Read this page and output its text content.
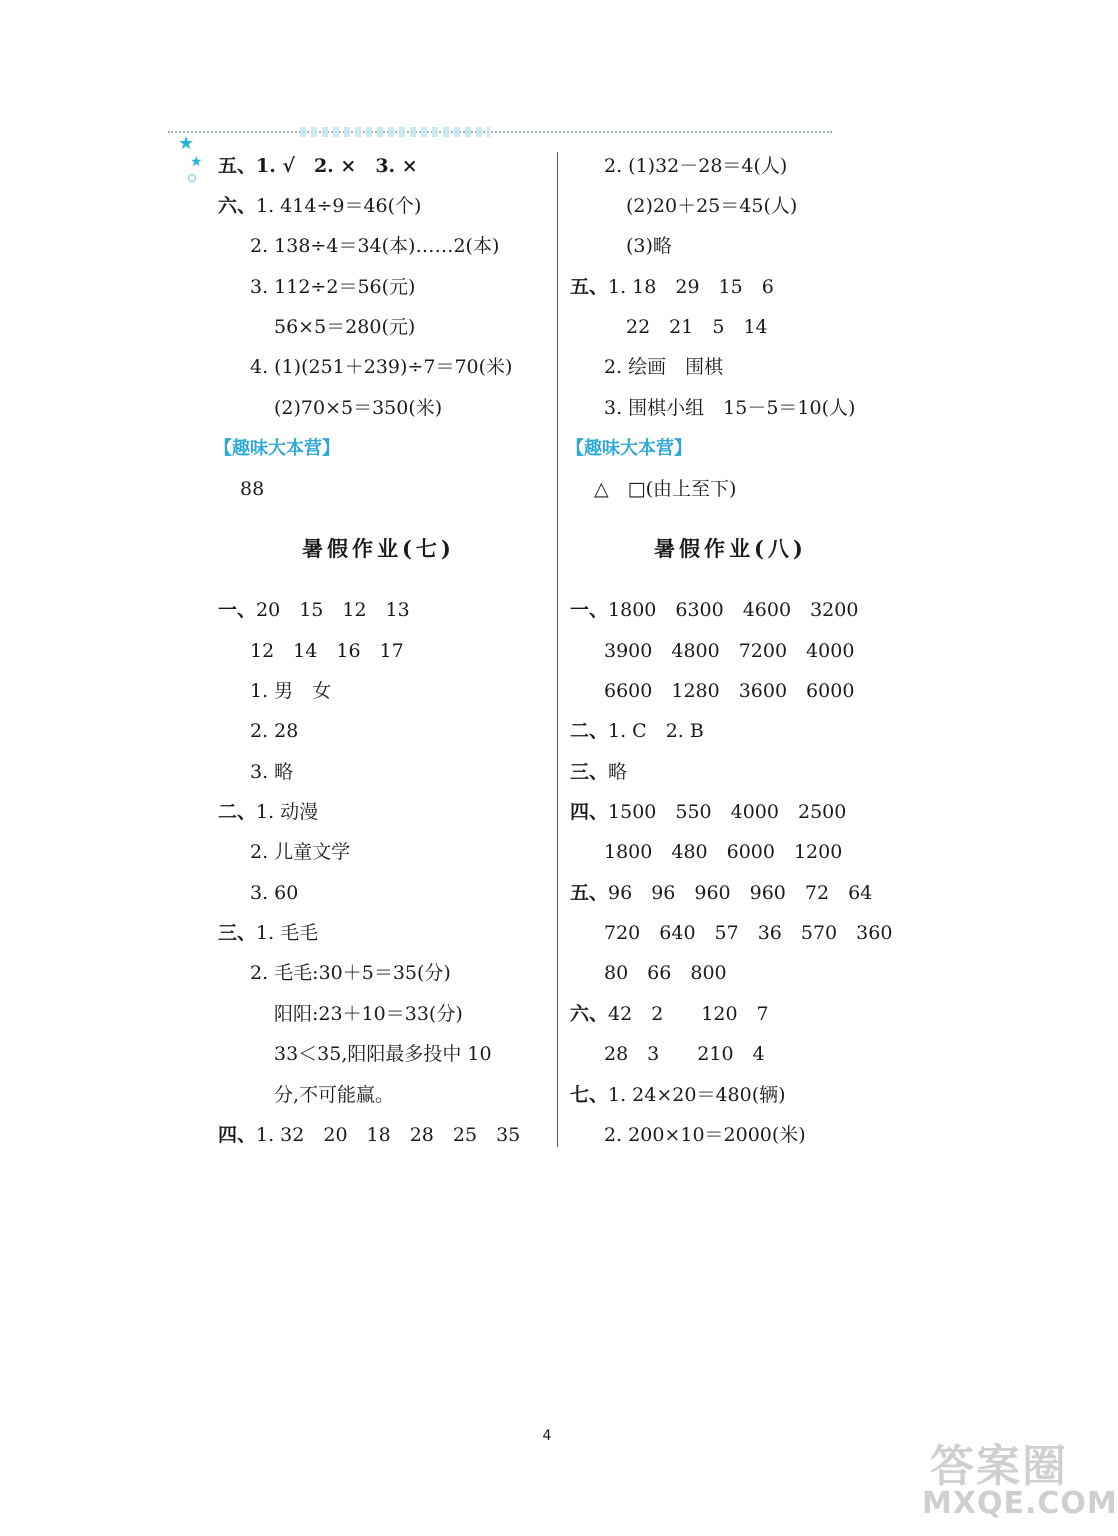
★
★ 五、1. √　2. ×　3. ×
六、1. 414÷9＝46(个)
2. 138÷4＝34(本)……2(本)
3. 112÷2＝56(元)
56×5＝280(元)
4. (1)(251＋239)÷7＝70(米)
(2)70×5＝350(米)
【趣味大本营】
88
暑假作业(七)
一、20　15　12　13
12　14　16　17
1. 男　女
2. 28
3. 略
二、1. 动漫
2. 儿童文学
3. 60
三、1. 毛毛
2. 毛毛:30＋5＝35(分)
阳阳:23＋10＝33(分)
33＜35,阳阳最多投中 10
分,不可能赢。
四、1. 32　20　18　28　25　35
2. (1)32－28＝4(人)
(2)20＋25＝45(人)
(3)略
五、1. 18　29　15　6
22　21　5　14
2. 绘画　围棋
3. 围棋小组　15－5＝10(人)
【趣味大本营】
△　□(由上至下)
暑假作业(八)
一、1800　6300　4600　3200
3900　4800　7200　4000
6600　1280　3600　6000
二、1. C　2. B
三、略
四、1500　550　4000　2500
1800　480　6000　1200
五、96　96　960　960　72　64
720　640　57　36　570　360
80　66　800
六、42　2　　120　7
28　3　　210　4
七、1. 24×20＝480(辆)
2. 200×10＝2000(米)
4
答案圈
MXQE.COM
